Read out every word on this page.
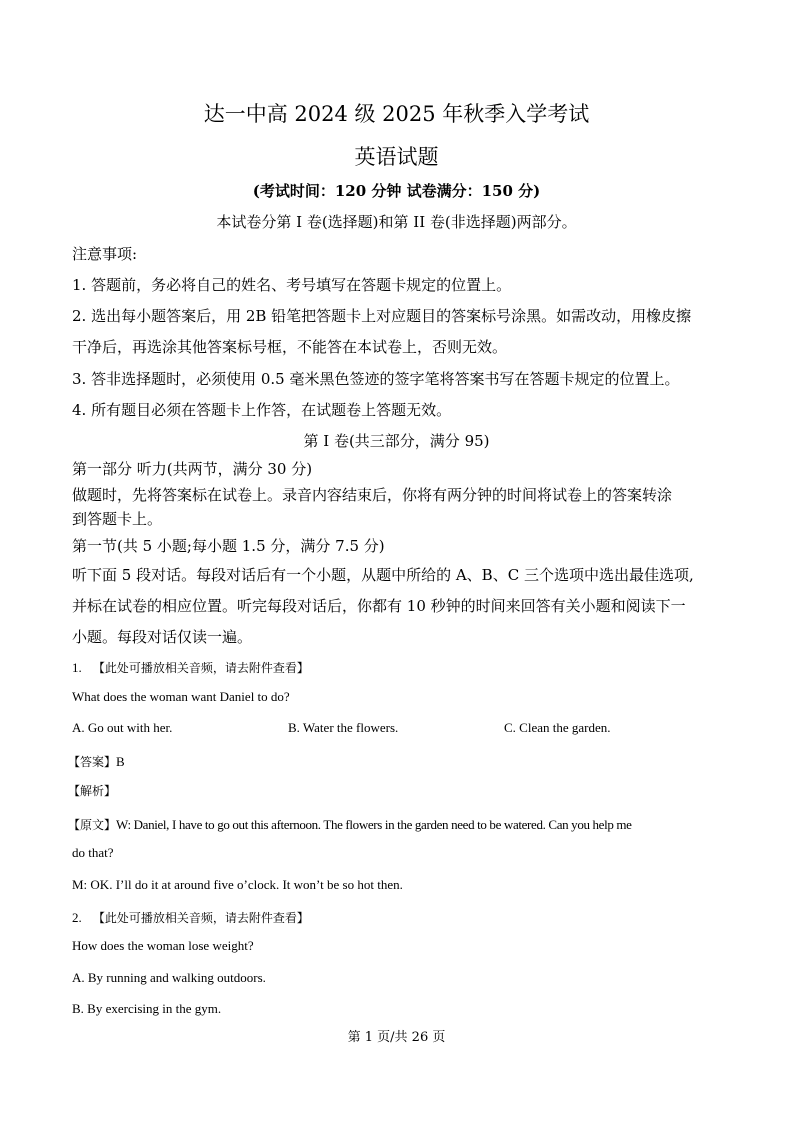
达一中高 2024 级 2025 年秋季入学考试
英语试题
(考试时间：120 分钟 试卷满分：150 分)
本试卷分第 I 卷(选择题)和第 II 卷(非选择题)两部分。
注意事项:
1. 答题前，务必将自己的姓名、考号填写在答题卡规定的位置上。
2. 选出每小题答案后，用 2B 铅笔把答题卡上对应题目的答案标号涂黑。如需改动，用橡皮擦
干净后，再选涂其他答案标号框，不能答在本试卷上，否则无效。
3. 答非选择题时，必须使用 0.5 毫米黑色签迹的签字笔将答案书写在答题卡规定的位置上。
4. 所有题目必须在答题卡上作答，在试题卷上答题无效。
第 I 卷(共三部分，满分 95)
第一部分 听力(共两节，满分 30 分)
做题时，先将答案标在试卷上。录音内容结束后，你将有两分钟的时间将试卷上的答案转涂
到答题卡上。
第一节(共 5 小题;每小题 1.5 分，满分 7.5 分)
听下面 5 段对话。每段对话后有一个小题，从题中所给的 A、B、C 三个选项中选出最佳选项,
并标在试卷的相应位置。听完每段对话后，你都有 10 秒钟的时间来回答有关小题和阅读下一
小题。每段对话仅读一遍。
1. 【此处可播放相关音频，请去附件查看】
What does the woman want Daniel to do?
A. Go out with her.	B. Water the flowers.	C. Clean the garden.
【答案】B
【解析】
【原文】W: Daniel, I have to go out this afternoon. The flowers in the garden need to be watered. Can you help me
do that?
M: OK. I’ll do it at around five o’clock. It won’t be so hot then.
2. 【此处可播放相关音频，请去附件查看】
How does the woman lose weight?
A. By running and walking outdoors.
B. By exercising in the gym.
第 1 页/共 26 页
